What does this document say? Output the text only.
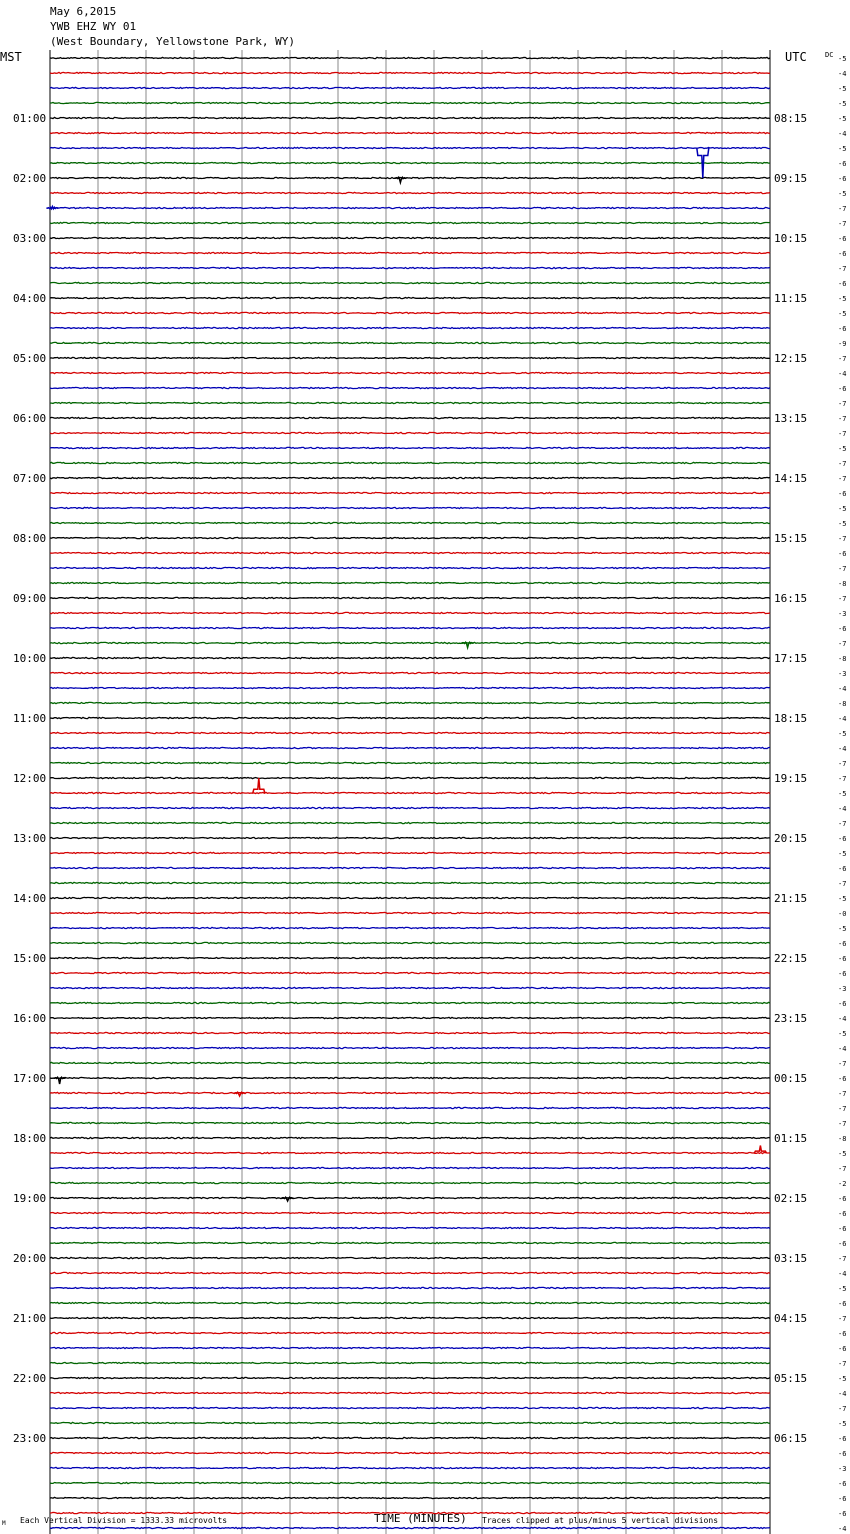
May 6,2015
YWB EHZ WY 01
(West Boundary, Yellowstone Park, WY)
MST	UTC	DC
TIME (MINUTES)
M Each Vertical Division = 1333.33 microvolts	Traces clipped at plus/minus 5 vertical divisions
-5
-4
-5
-5
-5
-4
-5
-6
-6
-5
-7
-7
-6
-6
-7
-6
-5
-5
-6
-9
-7
-4
-6
-7
-7
-7
-5
-7
-7
-6
-5
-5
-7
-6
-7
-8
-7
-3
-6
-7
-8
-3
-4
-8
-4
-5
-4
-7
-7
-5
-4
-7
-6
-5
-6
-7
-5
-0
-5
-6
-6
-6
-3
-6
-4
-5
-4
-7
-6
-7
-7
-7
-8
-5
-7
-2
-6
-6
-6
-6
-7
-4
-5
-6
-7
-6
-6
-7
-5
-4
-7
-5
-6
-6
-3
-6
-6
-6
-4
01:00	08:15
02:00	09:15
03:00	10:15
04:00	11:15
05:00	12:15
06:00	13:15
07:00	14:15
08:00	15:15
09:00	16:15
10:00	17:15
11:00	18:15
12:00	19:15
13:00	20:15
14:00	21:15
15:00	22:15
16:00	23:15
17:00	00:15
18:00	01:15
19:00	02:15
20:00	03:15
21:00	04:15
22:00	05:15
23:00	06:15
